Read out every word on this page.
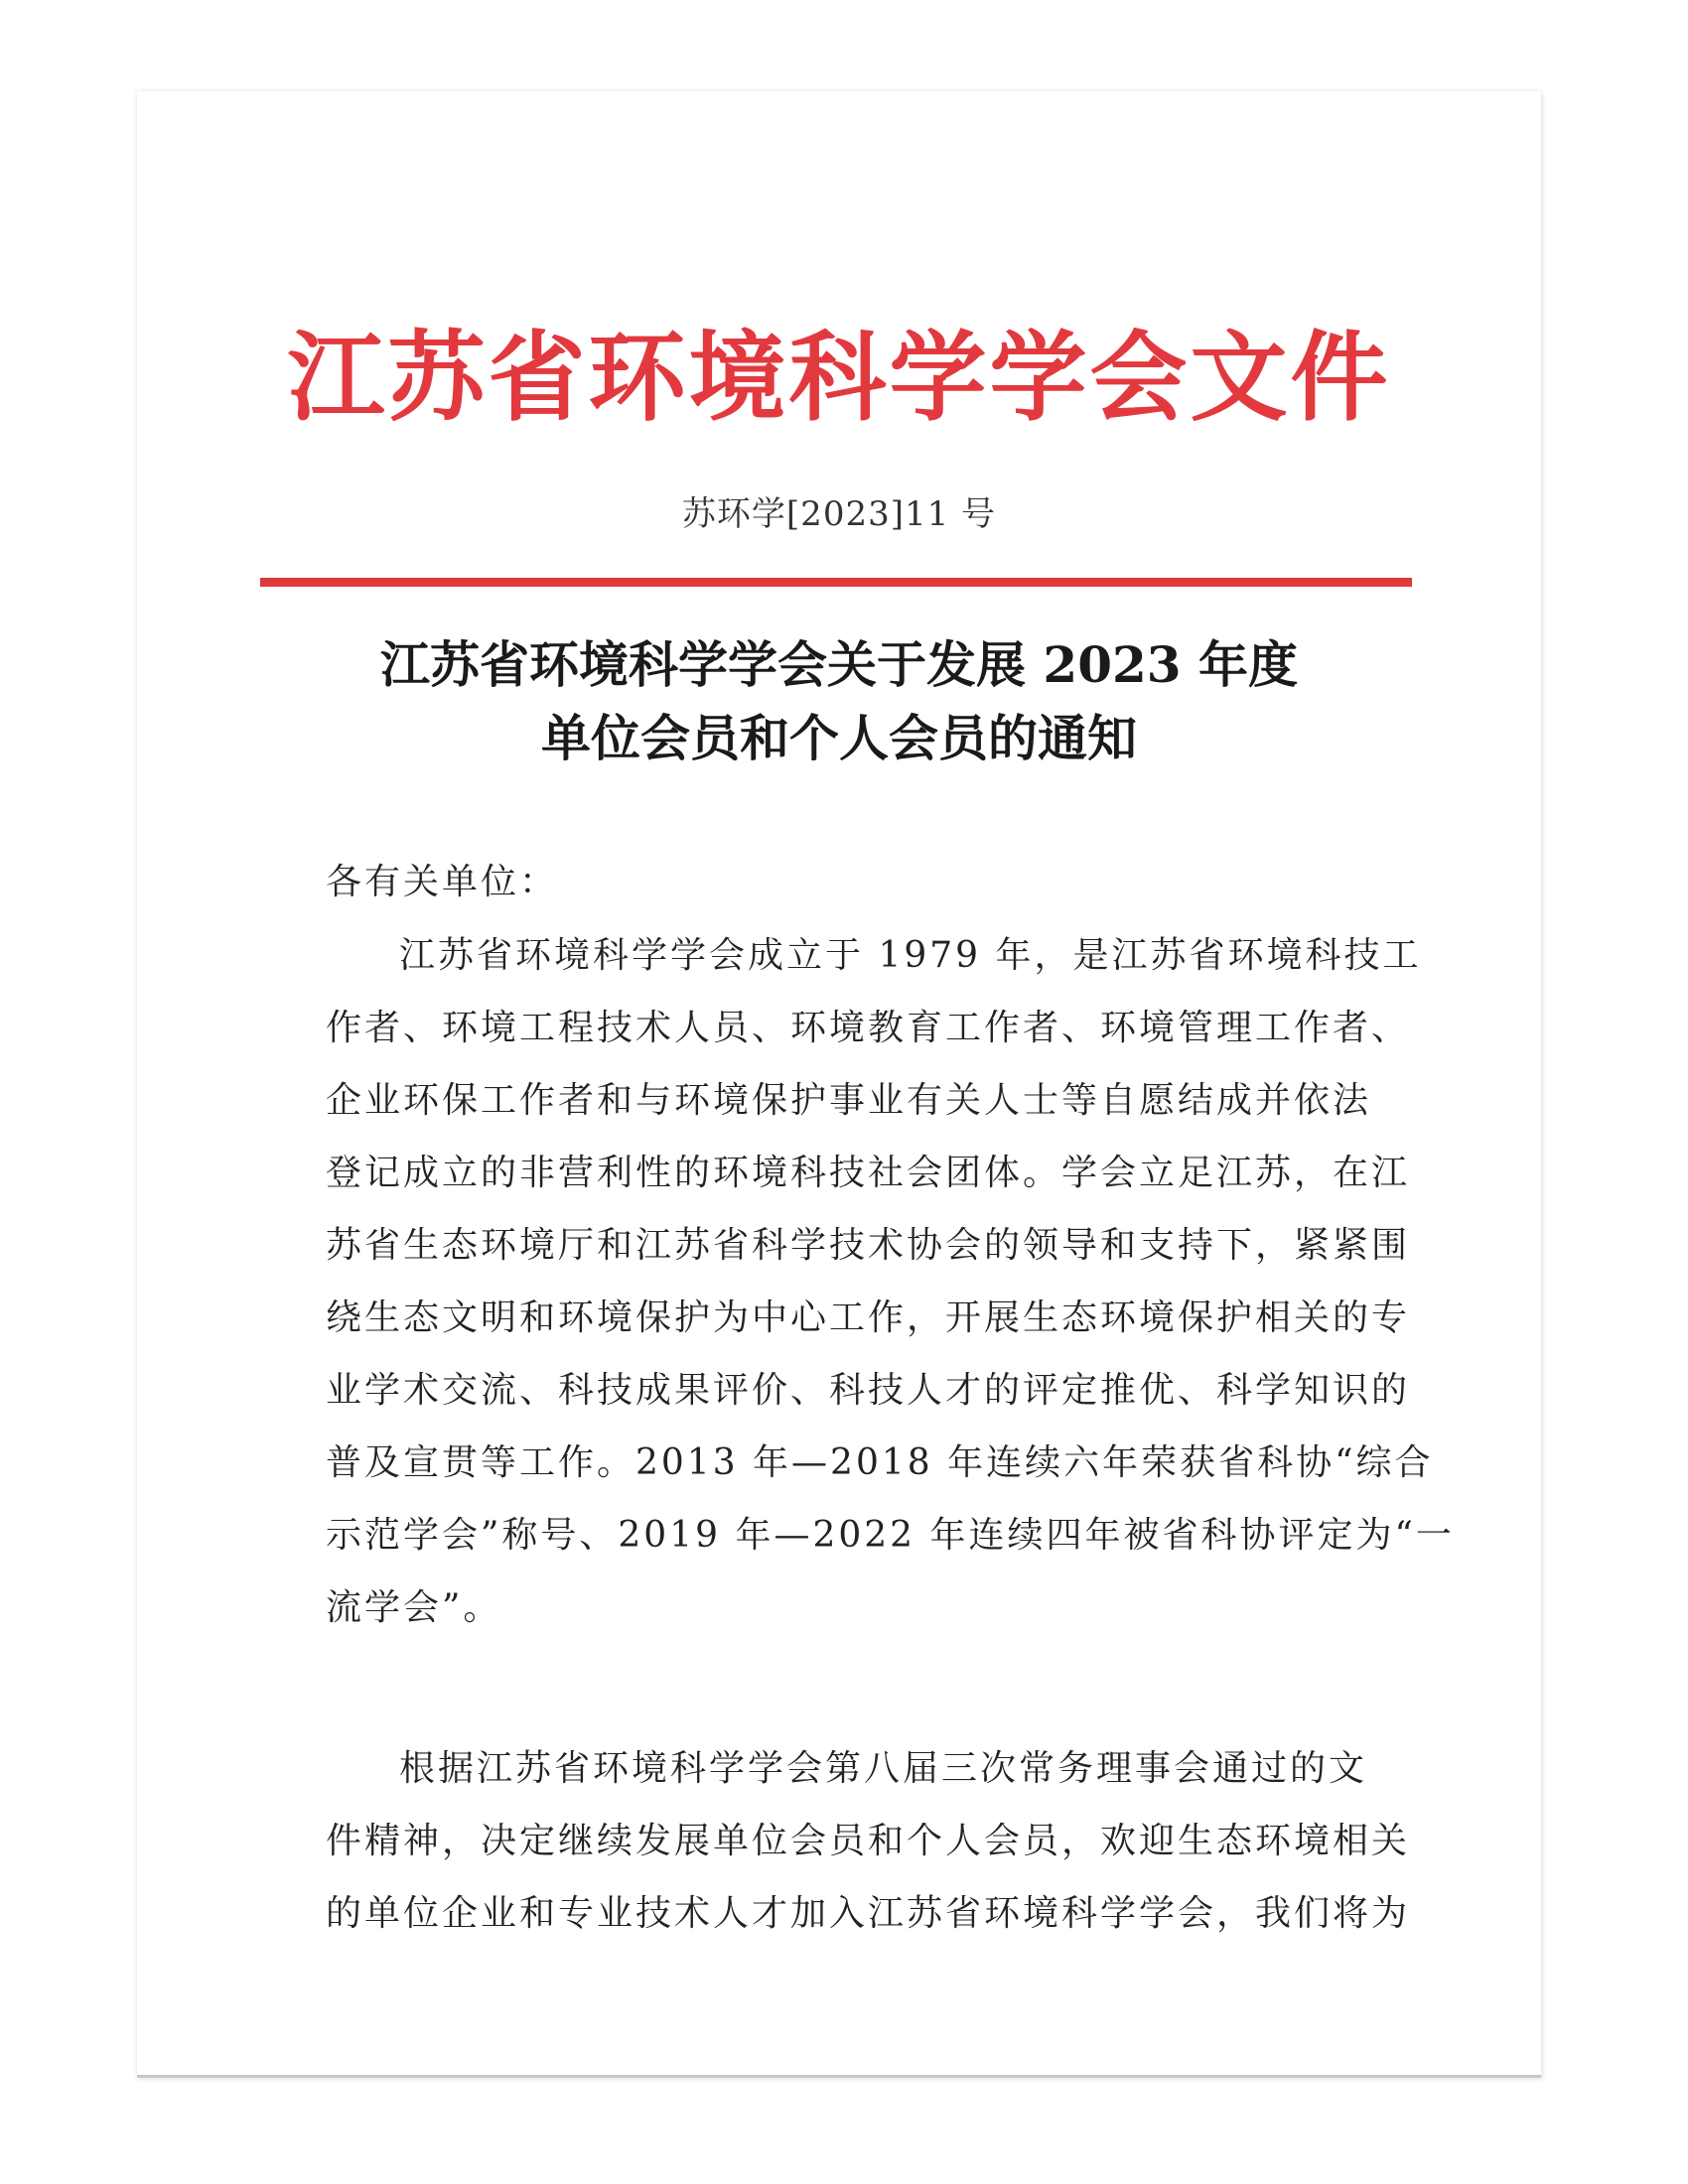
江苏省环境科学学会文件
苏环学[2023]11 号
江苏省环境科学学会关于发展 2023 年度
单位会员和个人会员的通知
各有关单位：
江苏省环境科学学会成立于 1979 年，是江苏省环境科技工
作者、环境工程技术人员、环境教育工作者、环境管理工作者、
企业环保工作者和与环境保护事业有关人士等自愿结成并依法
登记成立的非营利性的环境科技社会团体。学会立足江苏，在江
苏省生态环境厅和江苏省科学技术协会的领导和支持下，紧紧围
绕生态文明和环境保护为中心工作，开展生态环境保护相关的专
业学术交流、科技成果评价、科技人才的评定推优、科学知识的
普及宣贯等工作。2013 年—2018 年连续六年荣获省科协“综合
示范学会”称号、2019 年—2022 年连续四年被省科协评定为“一
流学会”。
根据江苏省环境科学学会第八届三次常务理事会通过的文
件精神，决定继续发展单位会员和个人会员，欢迎生态环境相关
的单位企业和专业技术人才加入江苏省环境科学学会，我们将为
